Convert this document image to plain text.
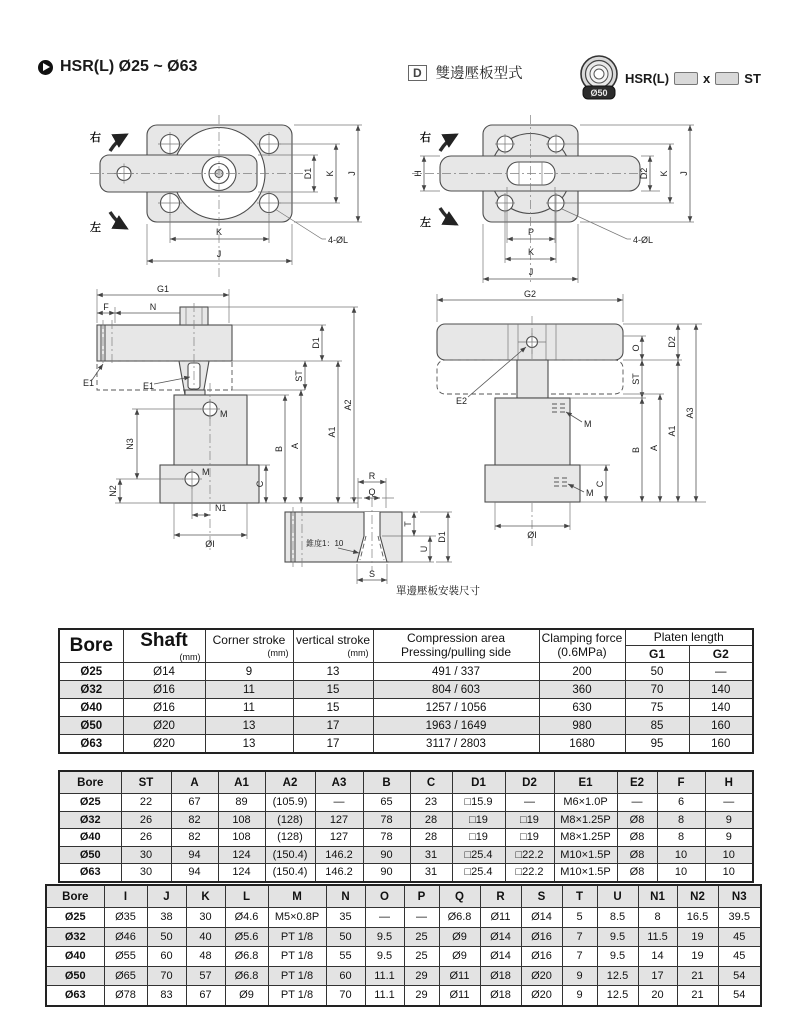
HSR(L) Ø25 ~ Ø63	D 雙邊壓板型式
Ø50
HSR(L)	x	ST
右
左	K
J
D1 K J
4-ØL
右
左
H
P
K
J
D2 K J
4-ØL
G1
F	N
M
M
E1	E1
N3
N2
N1
ØI
C
B A
ST
D1
A1
A2
G2
M
M
E2
ØI
C
O
ST
B A
D2
A1
A3
錐度1：10
R
Q
T
U
D1
S
單邊壓板安裝尺寸
Bore	Shaft
(mm)

Corner stroke
(mm)

vertical stroke
(mm)

Compression area
Pressing/pulling side

Clamping force
(0.6MPa)
	Platen length
						G1	G2
Ø25	Ø14	9	13	491 / 337	200	50	—
Ø32	Ø16	11	15	804 / 603	360	70	140
Ø40	Ø16	11	15	1257 / 1056	630	75	140
Ø50	Ø20	13	17	1963 / 1649	980	85	160
Ø63	Ø20	13	17	3117 / 2803	1680	95	160
Bore	ST	A	A1	A2	A3	B	C	D1	D2	E1	E2	F	H
Ø25	22	67	89	(105.9)	—	65	23	□15.9	—	M6×1.0P	—	6	—
Ø32	26	82	108	(128)	127	78	28	□19	□19	M8×1.25P	Ø8	8	9
Ø40	26	82	108	(128)	127	78	28	□19	□19	M8×1.25P	Ø8	8	9
Ø50	30	94	124	(150.4)	146.2	90	31	□25.4	□22.2	M10×1.5P	Ø8	10	10
Ø63	30	94	124	(150.4)	146.2	90	31	□25.4	□22.2	M10×1.5P	Ø8	10	10
Bore	I	J	K	L	M	N	O	P	Q	R	S	T	U	N1	N2	N3
Ø25	Ø35	38	30	Ø4.6	M5×0.8P	35	—	—	Ø6.8	Ø11	Ø14	5	8.5	8	16.5	39.5
Ø32	Ø46	50	40	Ø5.6	PT 1/8	50	9.5	25	Ø9	Ø14	Ø16	7	9.5	11.5	19	45
Ø40	Ø55	60	48	Ø6.8	PT 1/8	55	9.5	25	Ø9	Ø14	Ø16	7	9.5	14	19	45
Ø50	Ø65	70	57	Ø6.8	PT 1/8	60	11.1	29	Ø11	Ø18	Ø20	9	12.5	17	21	54
Ø63	Ø78	83	67	Ø9	PT 1/8	70	11.1	29	Ø11	Ø18	Ø20	9	12.5	20	21	54
